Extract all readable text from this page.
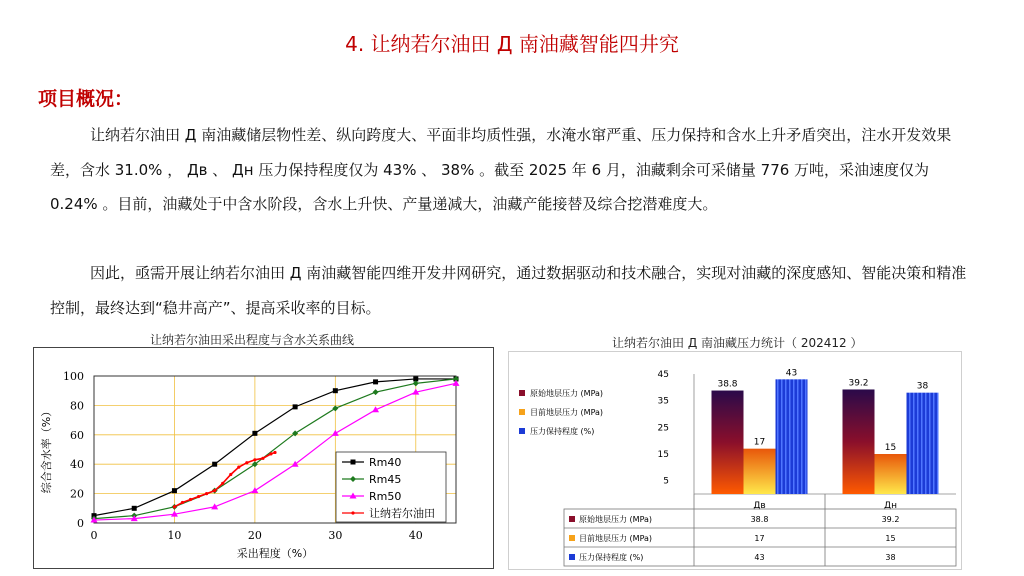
4. 让纳若尔油田 Д 南油藏智能四井究
项目概况：
让纳若尔油田 Д 南油藏储层物性差、纵向跨度大、平面非均质性强，水淹水窜严重、压力保持和含水上升矛盾突出，注水开发效果差，含水 31.0% ， Дв 、 Дн 压力保持程度仅为 43% 、 38% 。截至 2025 年 6 月，油藏剩余可采储量 776 万吨，采油速度仅为 0.24% 。目前，油藏处于中含水阶段，含水上升快、产量递减大，油藏产能接替及综合挖潜难度大。
因此，亟需开展让纳若尔油田 Д 南油藏智能四维开发井网研究，通过数据驱动和技术融合，实现对油藏的深度感知、智能决策和精准控制，最终达到“稳井高产”、提高采收率的目标。
让纳若尔油田采出程度与含水关系曲线	让纳若尔油田 Д 南油藏压力统计（ 202412 ）
0
20
40
60
80
100
0	10	20	30	40
采出程度（%）
综合含水率（%）	Rm40
Rm45
Rm50
让纳若尔油田
原始地层压力 (MPa)
目前地层压力 (MPa)
压力保持程度 (%)
5
15
25
35
45
38.8
17
43
Дв
39.2
15
38
Дн
原始地层压力 (MPa)	38.8	39.2
目前地层压力 (MPa)	17	15
压力保持程度 (%)	43	38
